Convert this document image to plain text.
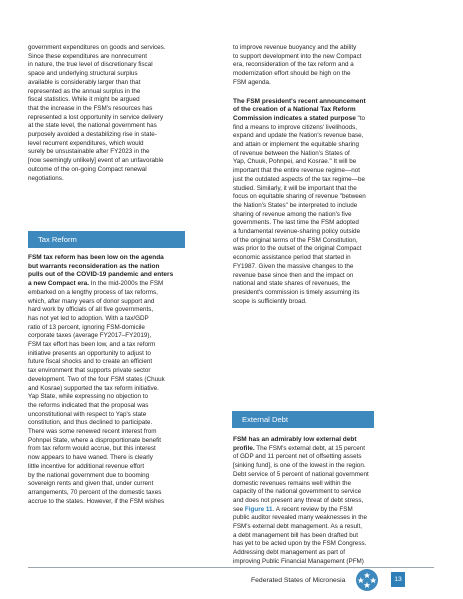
government expenditures on goods and services.
Since these expenditures are nonrecurrent
in nature, the true level of discretionary fiscal
space and underlying structural surplus
available is considerably larger than that
represented as the annual surplus in the
fiscal statistics. While it might be argued
that the increase in the FSM's resources has
represented a lost opportunity in service delivery
at the state level, the national government has
purposely avoided a destabilizing rise in state-
level recurrent expenditures, which would
surely be unsustainable after FY2023 in the
[now seemingly unlikely] event of an unfavorable
outcome of the on-going Compact renewal
negotiations.

Tax Reform

FSM tax reform has been low on the agenda
but warrants reconsideration as the nation
pulls out of the COVID-19 pandemic and enters
a new Compact era. In the mid-2000s the FSM
embarked on a lengthy process of tax reforms,
which, after many years of donor support and
hard work by officials of all five governments,
has not yet led to adoption. With a tax/GDP
ratio of 13 percent, ignoring FSM-domicile
corporate taxes (average FY2017–FY2019),
FSM tax effort has been low, and a tax reform
initiative presents an opportunity to adjust to
future fiscal shocks and to create an efficient
tax environment that supports private sector
development. Two of the four FSM states (Chuuk
and Kosrae) supported the tax reform initiative.
Yap State, while expressing no objection to
the reforms indicated that the proposal was
unconstitutional with respect to Yap's state
constitution, and thus declined to participate.
There was some renewed recent interest from
Pohnpei State, where a disproportionate benefit
from tax reform would accrue, but this interest
now appears to have waned. There is clearly
little incentive for additional revenue effort
by the national government due to booming
sovereign rents and given that, under current
arrangements, 70 percent of the domestic taxes
accrue to the states. However, if the FSM wishes

to improve revenue buoyancy and the ability
to support development into the new Compact
era, reconsideration of the tax reform and a
modernization effort should be high on the
FSM agenda.

The FSM president's recent announcement
of the creation of a National Tax Reform
Commission indicates a stated purpose "to
find a means to improve citizens' livelihoods,
expand and update the Nation's revenue base,
and attain or implement the equitable sharing
of revenue between the Nation's States of
Yap, Chuuk, Pohnpei, and Kosrae." It will be
important that the entire revenue regime—not
just the outdated aspects of the tax regime—be
studied. Similarly, it will be important that the
focus on equitable sharing of revenue "between
the Nation's States" be interpreted to include
sharing of revenue among the nation's five
governments. The last time the FSM adopted
a fundamental revenue-sharing policy outside
of the original terms of the FSM Constitution,
was prior to the outset of the original Compact
economic assistance period that started in
FY1987. Given the massive changes to the
revenue base since then and the impact on
national and state shares of revenues, the
president's commission is timely assuming its
scope is sufficiently broad.

External Debt

FSM has an admirably low external debt
profile. The FSM's external debt, at 15 percent
of GDP and 11 percent net of offsetting assets
[sinking fund], is one of the lowest in the region.
Debt service of 5 percent of national government
domestic revenues remains well within the
capacity of the national government to service
and does not present any threat of debt stress,
see Figure 11. A recent review by the FSM
public auditor revealed many weaknesses in the
FSM's external debt management. As a result,
a debt management bill has been drafted but
has yet to be acted upon by the FSM Congress.
Addressing debt management as part of
improving Public Financial Management (PFM)

Federated States of Micronesia	13
